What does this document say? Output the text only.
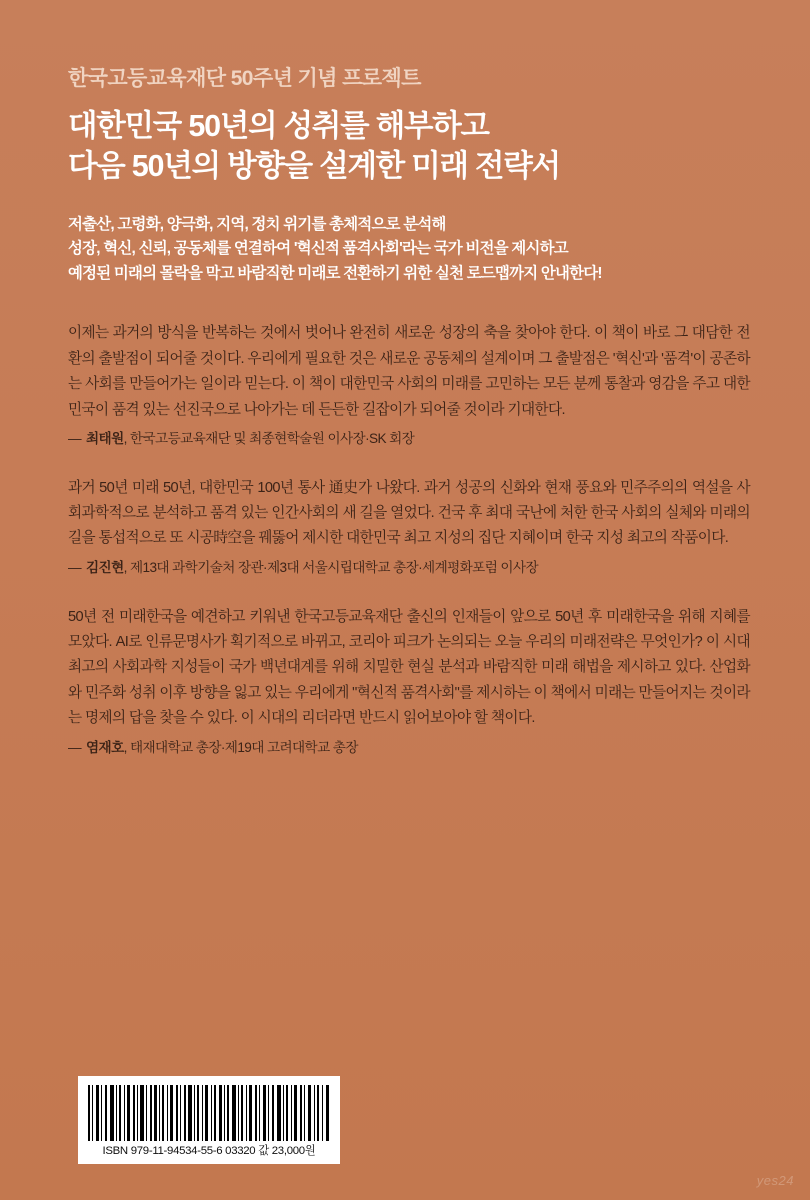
한국고등교육재단 50주년 기념 프로젝트
대한민국 50년의 성취를 해부하고
다음 50년의 방향을 설계한 미래 전략서
저출산, 고령화, 양극화, 지역, 정치 위기를 총체적으로 분석해
성장, 혁신, 신뢰, 공동체를 연결하여 '혁신적 품격사회'라는 국가 비전을 제시하고
예정된 미래의 몰락을 막고 바람직한 미래로 전환하기 위한 실천 로드맵까지 안내한다!

이제는 과거의 방식을 반복하는 것에서 벗어나 완전히 새로운 성장의 축을 찾아야 한다. 이 책이 바로 그 대담한 전환의 출발점이 되어줄 것이다. 우리에게 필요한 것은 새로운 공동체의 설계이며 그 출발점은 '혁신'과 '품격'이 공존하는 사회를 만들어가는 일이라 믿는다. 이 책이 대한민국 사회의 미래를 고민하는 모든 분께 통찰과 영감을 주고 대한민국이 품격 있는 선진국으로 나아가는 데 든든한 길잡이가 되어줄 것이라 기대한다.

— 최태원, 한국고등교육재단 및 최종현학술원 이사장·SK 회장

과거 50년 미래 50년, 대한민국 100년 통사 通史가 나왔다. 과거 성공의 신화와 현재 풍요와 민주주의의 역설을 사회과학적으로 분석하고 품격 있는 인간사회의 새 길을 열었다. 건국 후 최대 국난에 처한 한국 사회의 실체와 미래의 길을 통섭적으로 또 시공時空을 꿰뚫어 제시한 대한민국 최고 지성의 집단 지혜이며 한국 지성 최고의 작품이다.

— 김진현, 제13대 과학기술처 장관·제3대 서울시립대학교 총장·세계평화포럼 이사장

50년 전 미래한국을 예견하고 키워낸 한국고등교육재단 출신의 인재들이 앞으로 50년 후 미래한국을 위해 지혜를 모았다. AI로 인류문명사가 획기적으로 바뀌고, 코리아 피크가 논의되는 오늘 우리의 미래전략은 무엇인가? 이 시대 최고의 사회과학 지성들이 국가 백년대계를 위해 치밀한 현실 분석과 바람직한 미래 해법을 제시하고 있다. 산업화와 민주화 성취 이후 방향을 잃고 있는 우리에게 "혁신적 품격사회"를 제시하는 이 책에서 미래는 만들어지는 것이라는 명제의 답을 찾을 수 있다. 이 시대의 리더라면 반드시 읽어보아야 할 책이다.

— 염재호, 태재대학교 총장·제19대 고려대학교 총장

ISBN 979-11-94534-55-6 03320 값 23,000원
yes24
